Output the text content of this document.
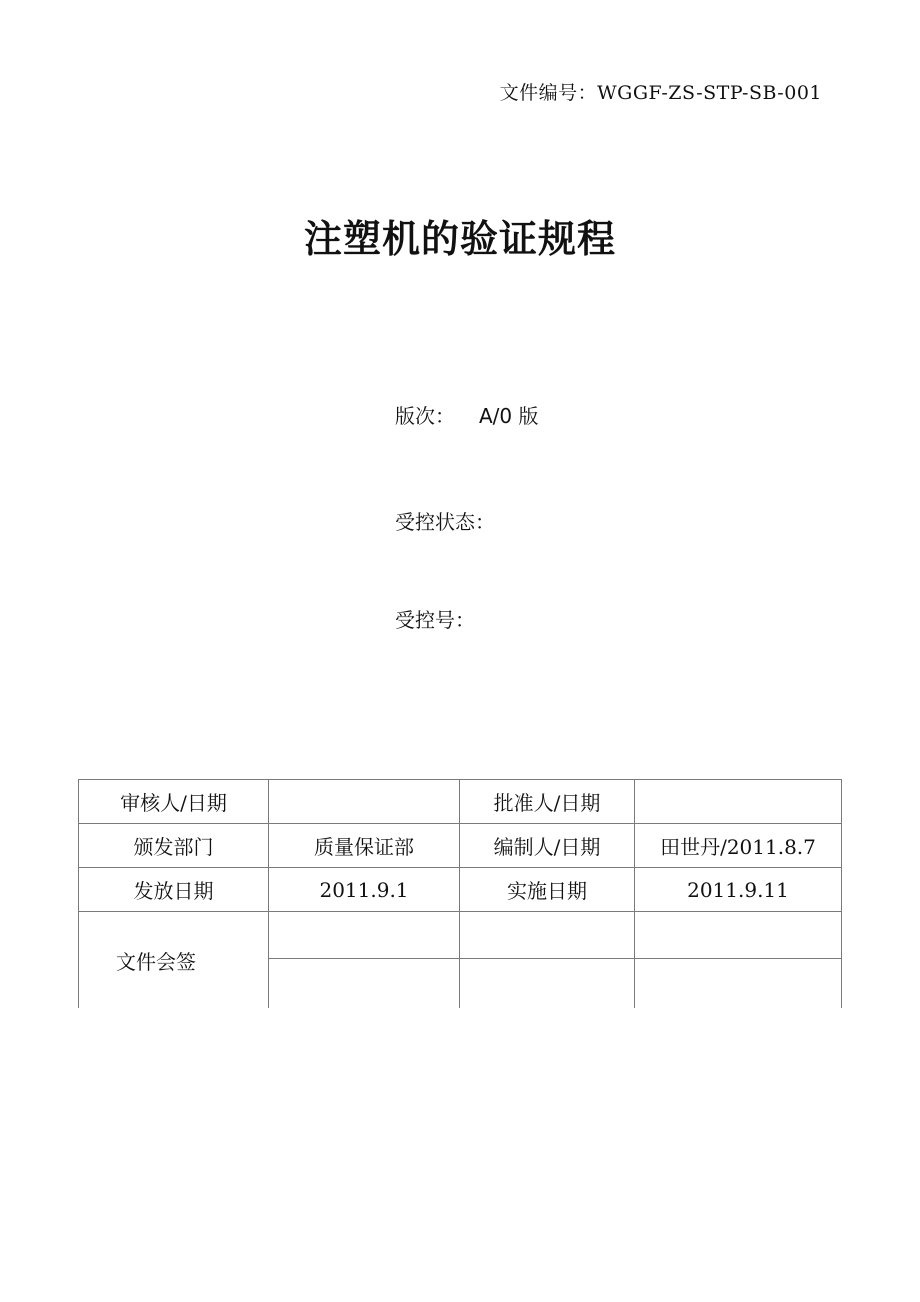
文件编号：WGGF-ZS-STP-SB-001
注塑机的验证规程
版次： A/0 版
受控状态：
受控号：
审核人/日期		批准人/日期	
颁发部门	质量保证部	编制人/日期	田世丹/2011.8.7
发放日期	2011.9.1	实施日期	2011.9.11
文件会签			
